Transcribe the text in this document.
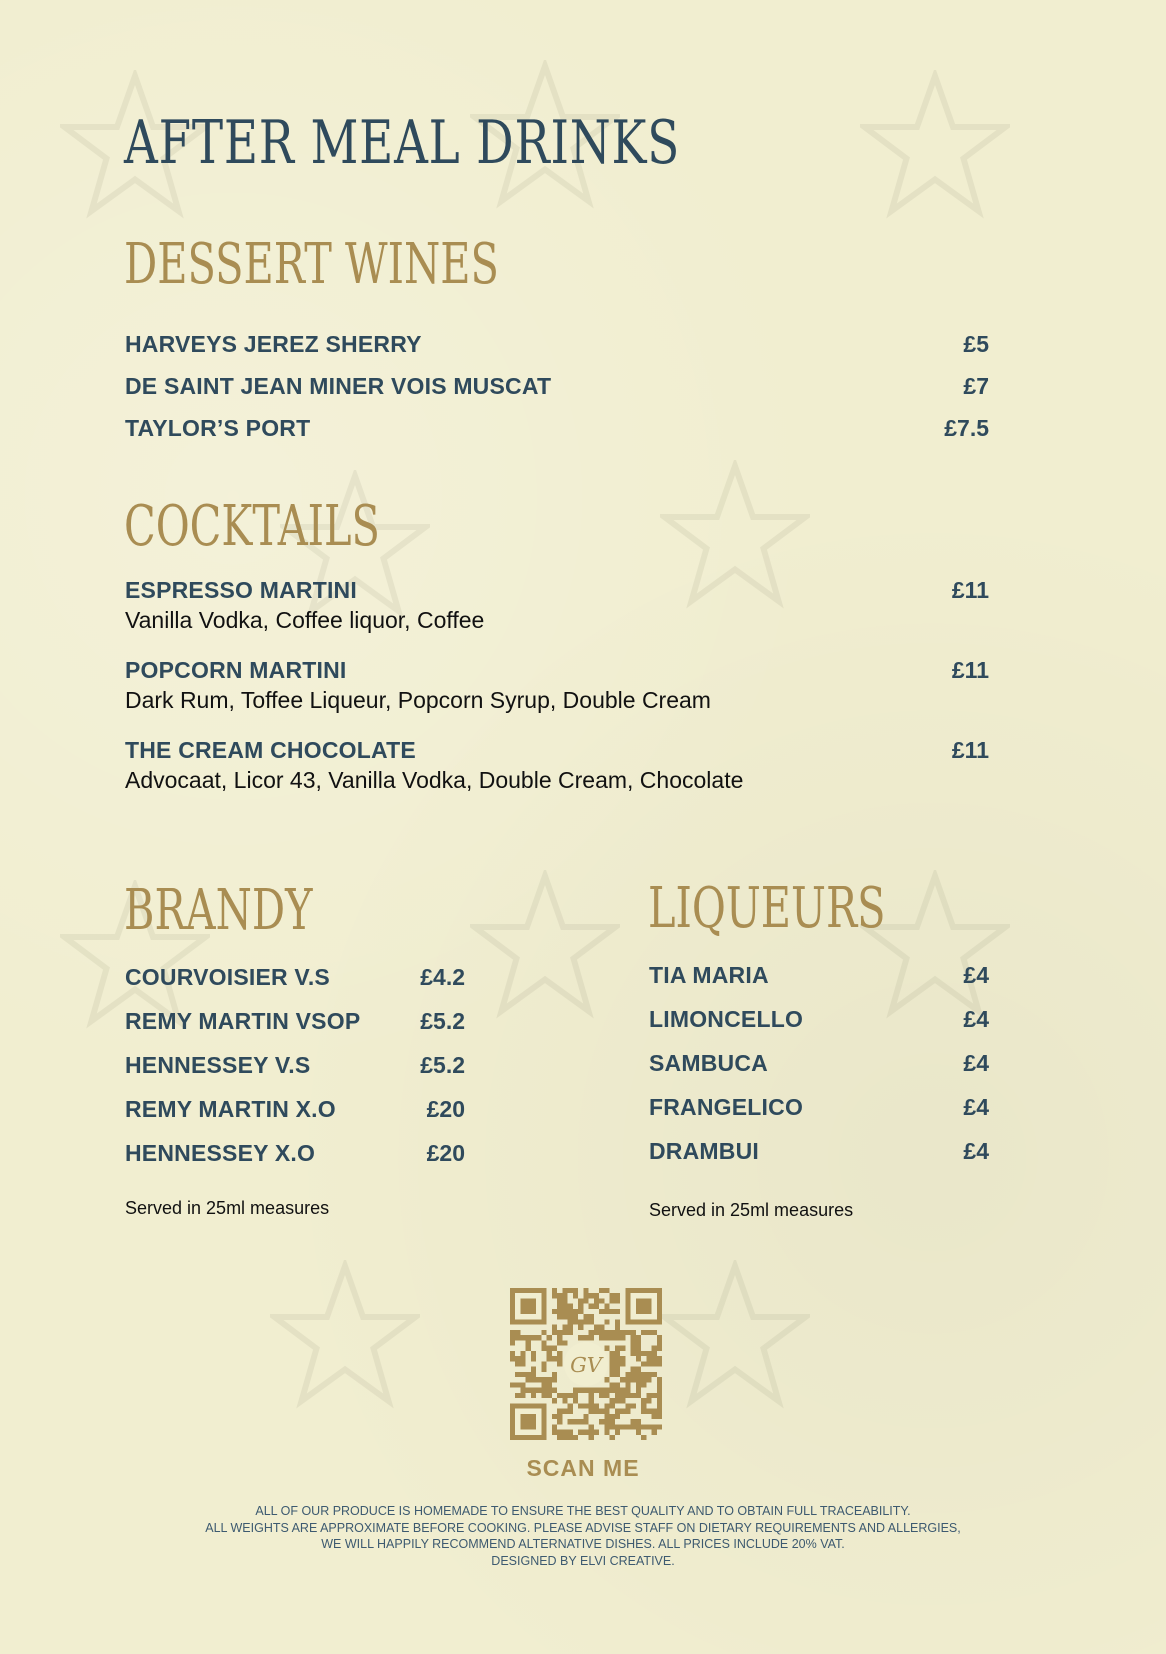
AFTER MEAL DRINKS
DESSERT WINES
HARVEYS JEREZ SHERRY	£5
DE SAINT JEAN MINER VOIS MUSCAT	£7
TAYLOR’S PORT	£7.5
COCKTAILS
ESPRESSO MARTINI	£11
Vanilla Vodka, Coffee liquor, Coffee
POPCORN MARTINI	£11
Dark Rum, Toffee Liqueur, Popcorn Syrup, Double Cream
THE CREAM CHOCOLATE	£11
Advocaat, Licor 43, Vanilla Vodka, Double Cream, Chocolate
BRANDY
COURVOISIER V.S	£4.2
REMY MARTIN VSOP	£5.2
HENNESSEY V.S	£5.2
REMY MARTIN X.O	£20
HENNESSEY X.O	£20
Served in 25ml measures
LIQUEURS
TIA MARIA	£4
LIMONCELLO	£4
SAMBUCA	£4
FRANGELICO	£4
DRAMBUI	£4
Served in 25ml measures
GV
SCAN ME
ALL OF OUR PRODUCE IS HOMEMADE TO ENSURE THE BEST QUALITY AND TO OBTAIN FULL TRACEABILITY.
ALL WEIGHTS ARE APPROXIMATE BEFORE COOKING. PLEASE ADVISE STAFF ON DIETARY REQUIREMENTS AND ALLERGIES,
WE WILL HAPPILY RECOMMEND ALTERNATIVE DISHES. ALL PRICES INCLUDE 20% VAT.
DESIGNED BY ELVI CREATIVE.
